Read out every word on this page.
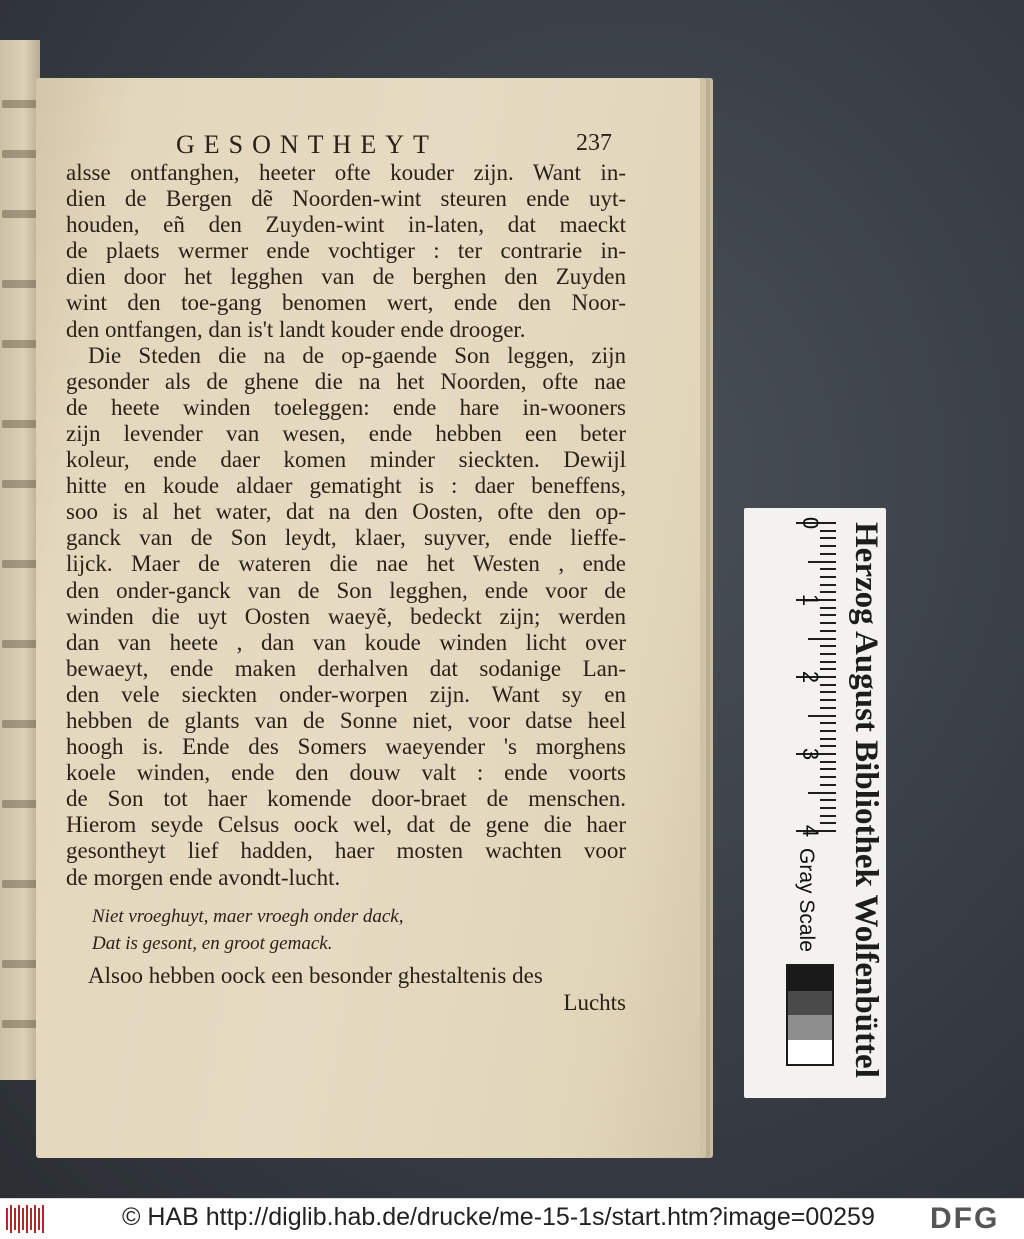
GESONTHEYT	237
alsse ontfanghen, heeter ofte kouder zijn. Want in-
dien de Bergen dẽ Noorden-wint steuren ende uyt-
houden, eñ den Zuyden-wint in-laten, dat maeckt
de plaets wermer ende vochtiger : ter contrarie in-
dien door het legghen van de berghen den Zuyden
wint den toe-gang benomen wert, ende den Noor-
den ontfangen, dan is't landt kouder ende drooger.
Die Steden die na de op-gaende Son leggen, zijn
gesonder als de ghene die na het Noorden, ofte nae
de heete winden toeleggen: ende hare in-wooners
zijn levender van wesen, ende hebben een beter
koleur, ende daer komen minder sieckten. Dewijl
hitte en koude aldaer gematight is : daer beneffens,
soo is al het water, dat na den Oosten, ofte den op-
ganck van de Son leydt, klaer, suyver, ende lieffe-
lijck. Maer de wateren die nae het Westen , ende
den onder-ganck van de Son legghen, ende voor de
winden die uyt Oosten waeyẽ, bedeckt zijn; werden
dan van heete , dan van koude winden licht over
bewaeyt, ende maken derhalven dat sodanige Lan-
den vele sieckten onder-worpen zijn. Want sy en
hebben de glants van de Sonne niet, voor datse heel
hoogh is. Ende des Somers waeyender 's morghens
koele winden, ende den douw valt : ende voorts
de Son tot haer komende door-braet de menschen.
Hierom seyde Celsus oock wel, dat de gene die haer
gesontheyt lief hadden, haer mosten wachten voor
de morgen ende avondt-lucht.
Niet vroeghuyt, maer vroegh onder dack,
Dat is gesont, en groot gemack.
Alsoo hebben oock een besonder ghestaltenis des
Luchts	Herzog August Bibliothek Wolfenbüttel
0
1
2
3
4
Gray Scale
© HAB http://diglib.hab.de/drucke/me-15-1s/start.htm?image=00259 DFG
